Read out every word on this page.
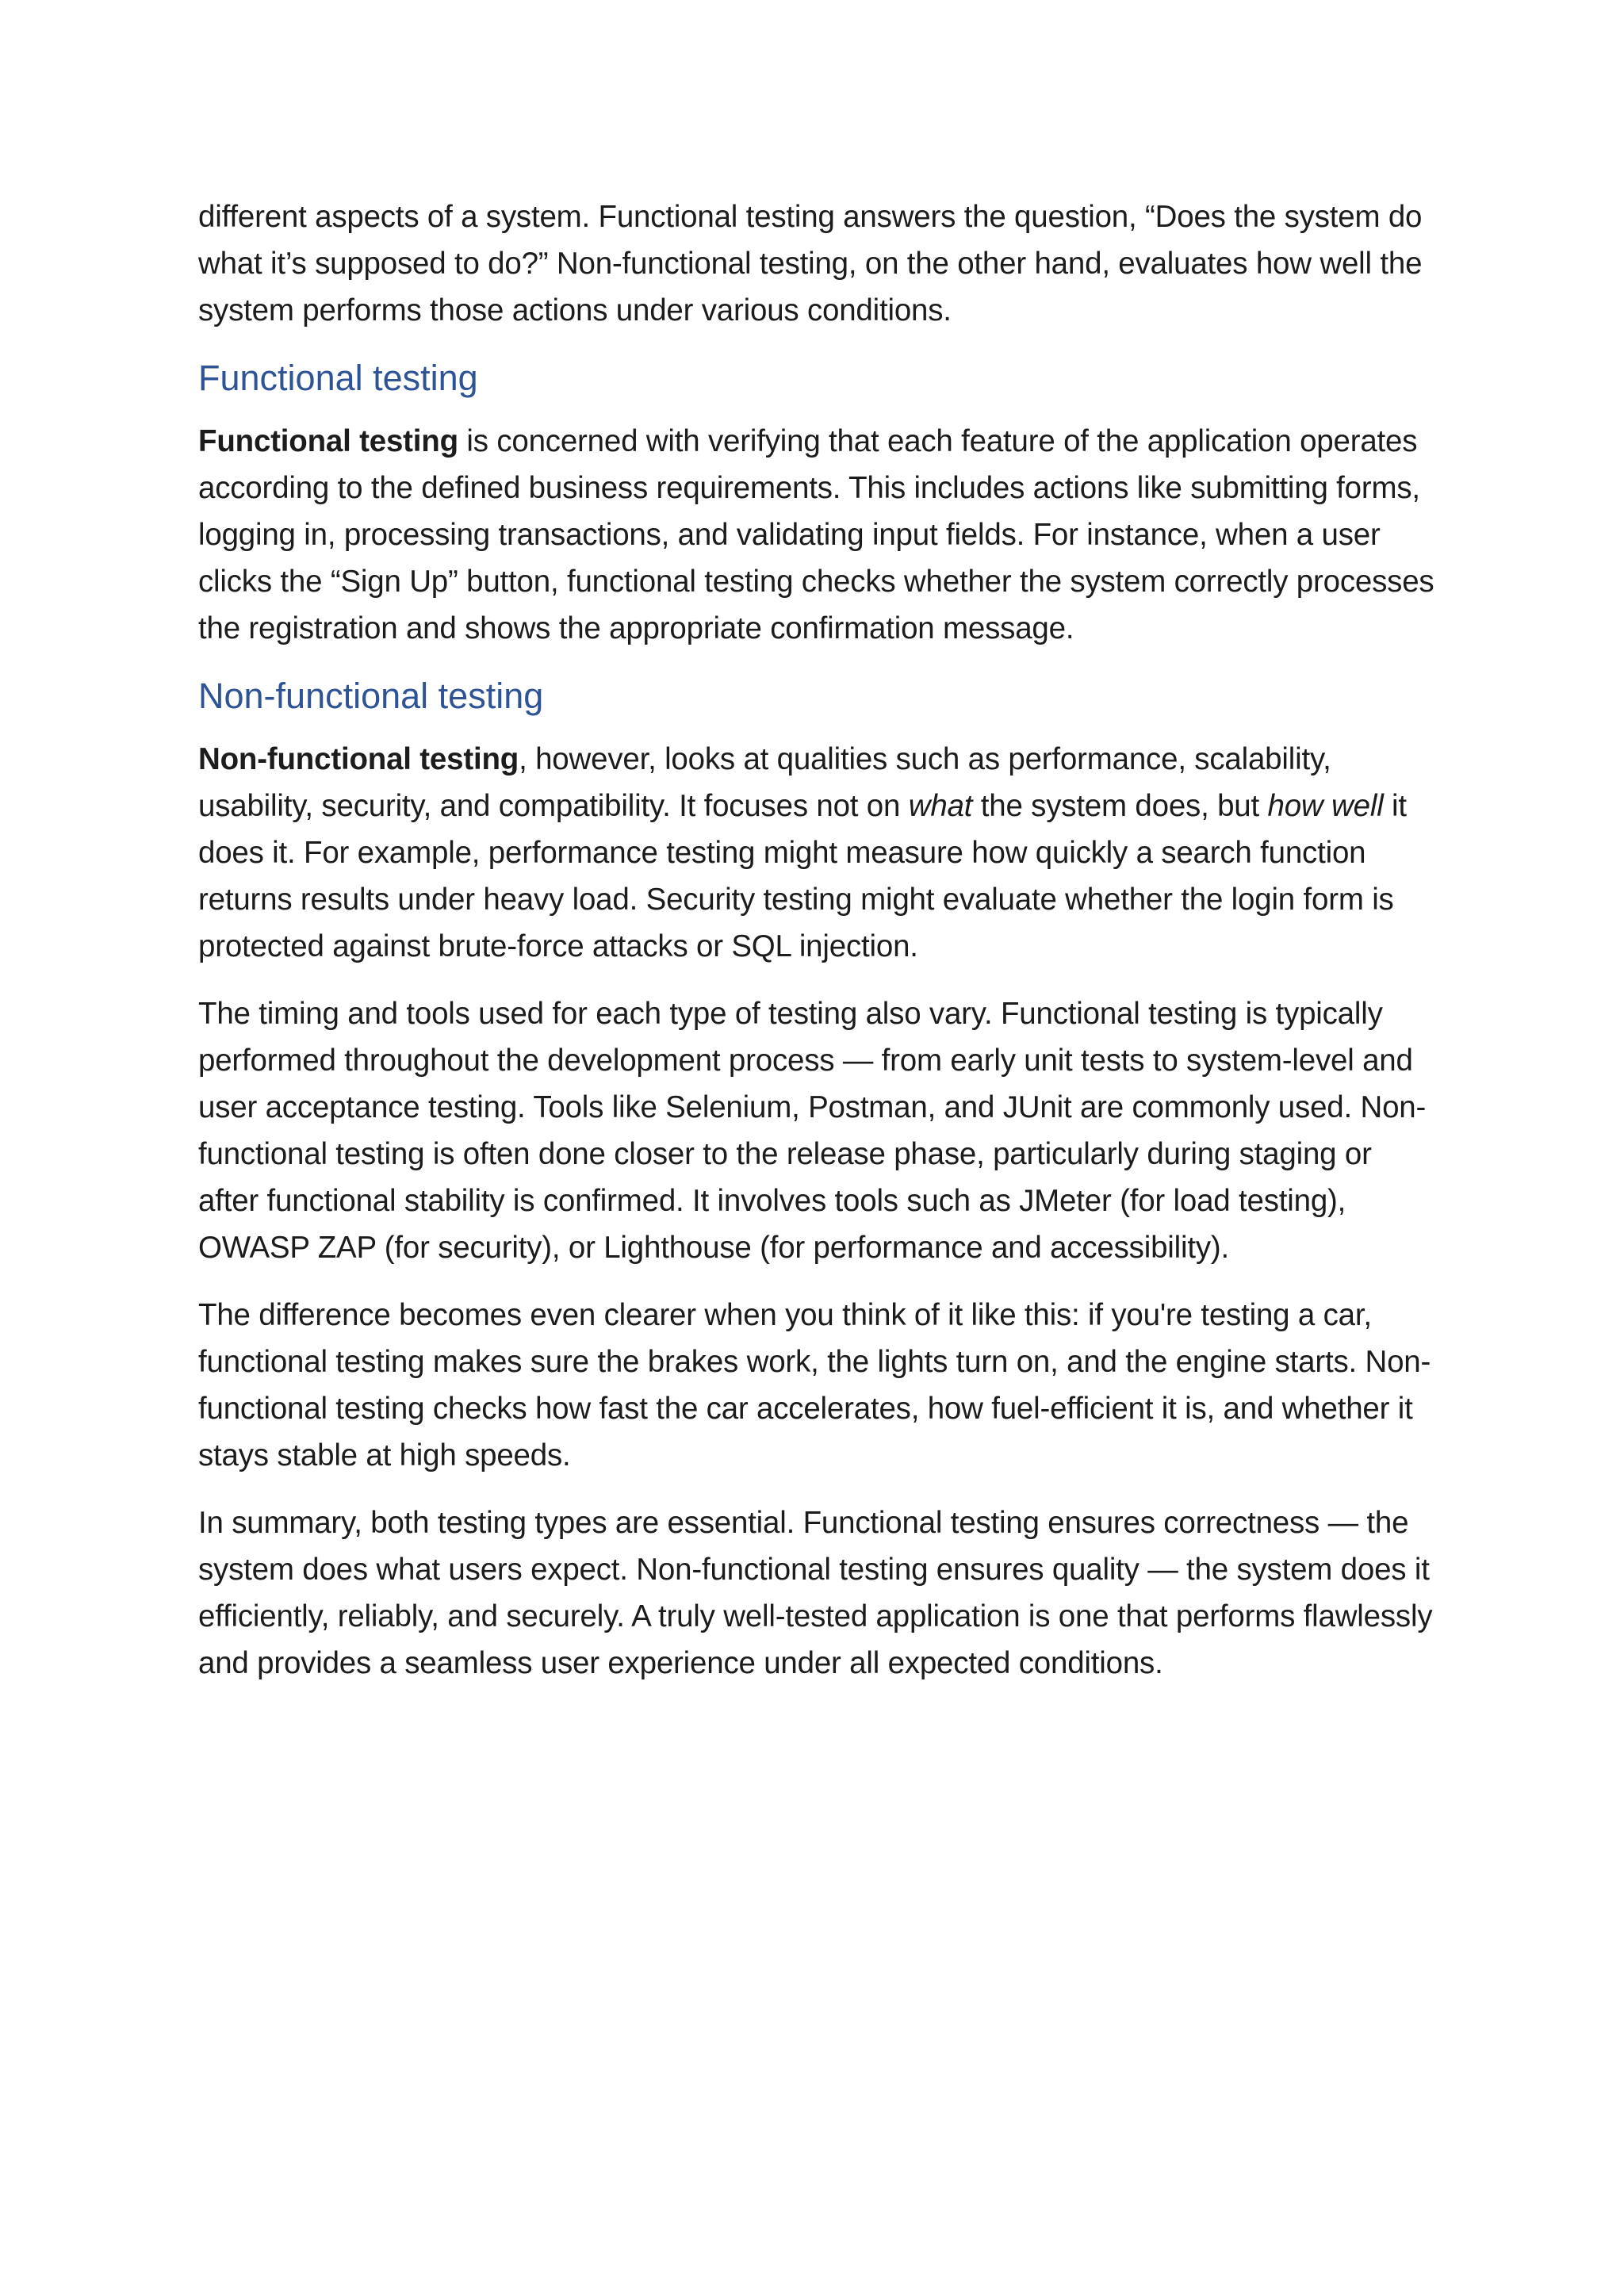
different aspects of a system. Functional testing answers the question, “Does the system do what it’s supposed to do?” Non-functional testing, on the other hand, evaluates how well the system performs those actions under various conditions.

Functional testing

Functional testing is concerned with verifying that each feature of the application operates according to the defined business requirements. This includes actions like submitting forms, logging in, processing transactions, and validating input fields. For instance, when a user clicks the “Sign Up” button, functional testing checks whether the system correctly processes the registration and shows the appropriate confirmation message.

Non-functional testing

Non-functional testing, however, looks at qualities such as performance, scalability, usability, security, and compatibility. It focuses not on what the system does, but how well it does it. For example, performance testing might measure how quickly a search function returns results under heavy load. Security testing might evaluate whether the login form is protected against brute-force attacks or SQL injection.

The timing and tools used for each type of testing also vary. Functional testing is typically performed throughout the development process — from early unit tests to system-level and user acceptance testing. Tools like Selenium, Postman, and JUnit are commonly used. Non-functional testing is often done closer to the release phase, particularly during staging or after functional stability is confirmed. It involves tools such as JMeter (for load testing), OWASP ZAP (for security), or Lighthouse (for performance and accessibility).

The difference becomes even clearer when you think of it like this: if you're testing a car, functional testing makes sure the brakes work, the lights turn on, and the engine starts. Non-functional testing checks how fast the car accelerates, how fuel-efficient it is, and whether it stays stable at high speeds.

In summary, both testing types are essential. Functional testing ensures correctness — the system does what users expect. Non-functional testing ensures quality — the system does it efficiently, reliably, and securely. A truly well-tested application is one that performs flawlessly and provides a seamless user experience under all expected conditions.
